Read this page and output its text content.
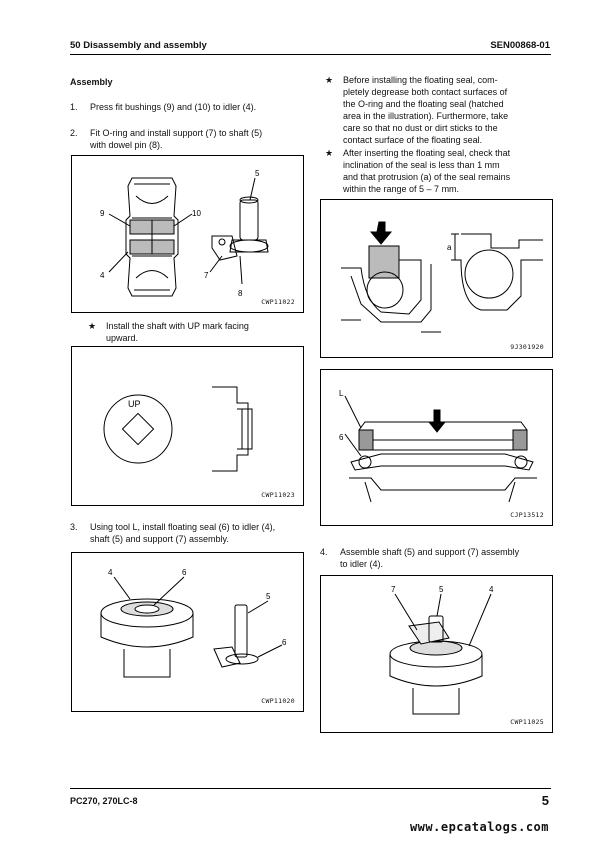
50 Disassembly and assembly	SEN00868-01
Assembly
1. Press fit bushings (9) and (10) to idler (4).
2. Fit O-ring and install support (7) to shaft (5)
with dowel pin (8).
5
9	10
4	7
8
CWP11022
★ Install the shaft with UP mark facing
upward.
UP
CWP11023
3. Using tool L, install floating seal (6) to idler (4),
shaft (5) and support (7) assembly.
4	6
5
6
CWP11020
★ Before installing the floating seal, com-
pletely degrease both contact surfaces of
the O-ring and the floating seal (hatched
area in the illustration). Furthermore, take
care so that no dust or dirt sticks to the
contact surface of the floating seal.
★ After inserting the floating seal, check that
inclination of the seal is less than 1 mm
and that protrusion (a) of the seal remains
within the range of 5 – 7 mm.
a
9J301920
L
6
CJP13512
4. Assemble shaft (5) and support (7) assembly
to idler (4).
7	5	4
CWP11025
PC270, 270LC-8	5
www.epcatalogs.com
